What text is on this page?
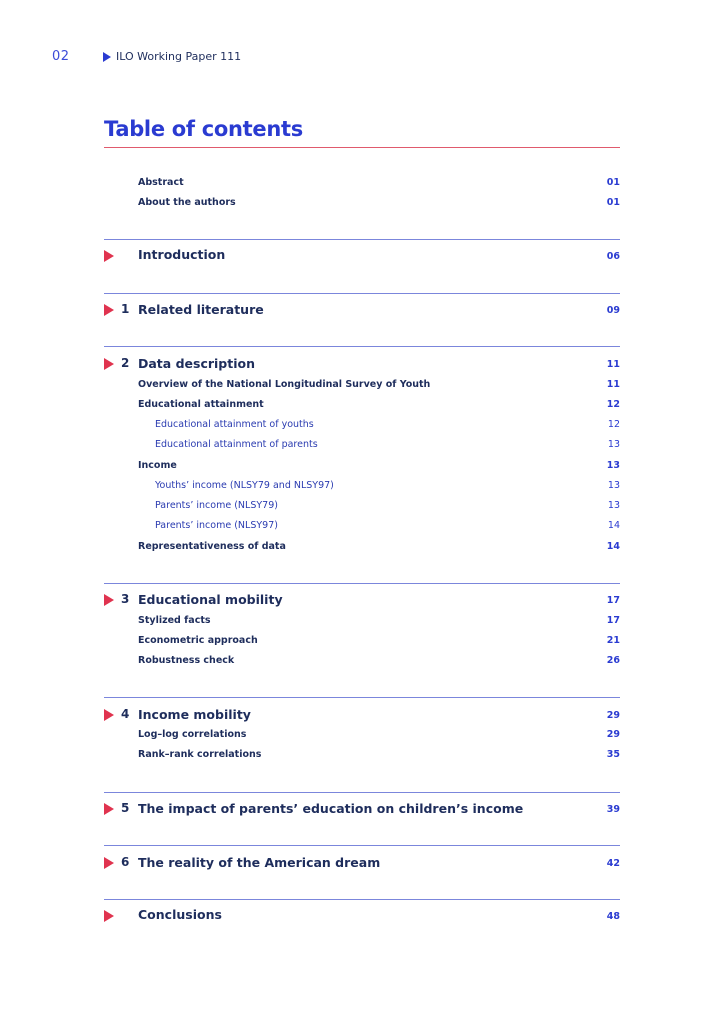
02	ILO Working Paper 111
Table of contents
Abstract	01
About the authors	01
Introduction	06
1 Related literature	09
2 Data description	11
Overview of the National Longitudinal Survey of Youth	11
Educational attainment	12
Educational attainment of youths	12
Educational attainment of parents	13
Income	13
Youths’ income (NLSY79 and NLSY97)	13
Parents’ income (NLSY79)	13
Parents’ income (NLSY97)	14
Representativeness of data	14
3 Educational mobility	17
Stylized facts	17
Econometric approach	21
Robustness check	26
4 Income mobility	29
Log–log correlations	29
Rank–rank correlations	35
5 The impact of parents’ education on children’s income	39
6 The reality of the American dream	42
Conclusions	48
